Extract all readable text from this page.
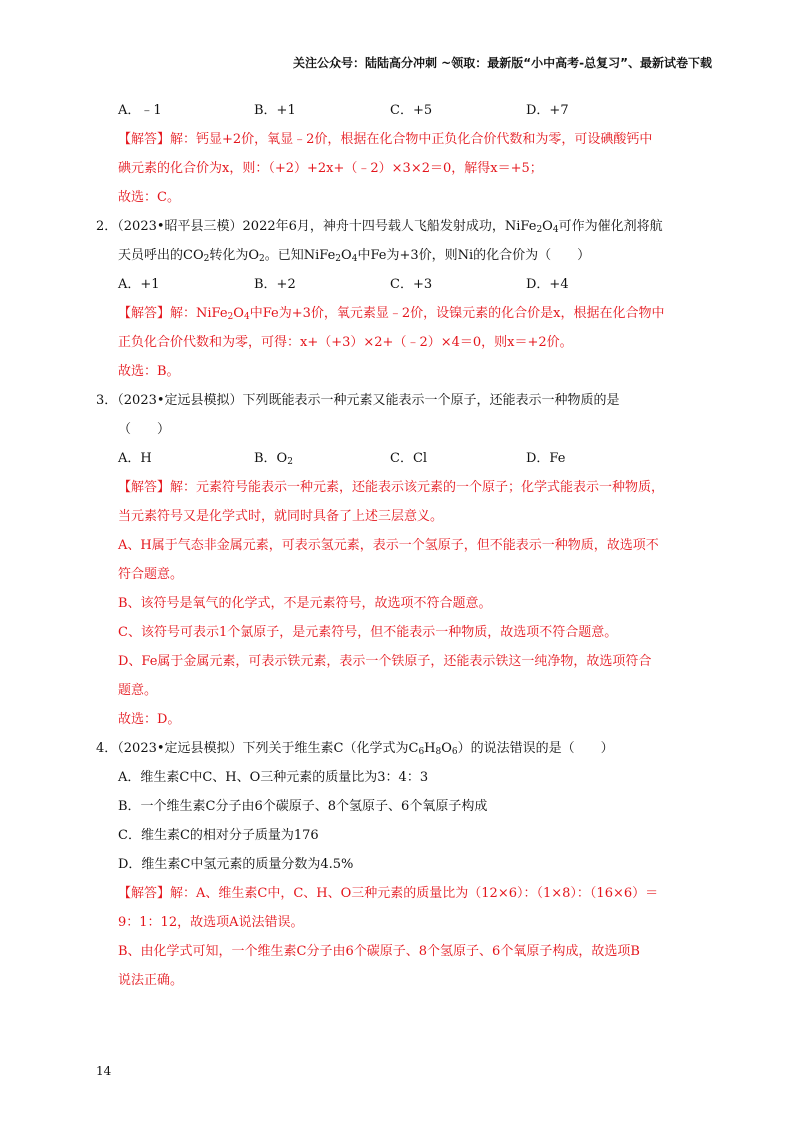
关注公众号：陆陆高分冲刺 ~领取：最新版“小中高考-总复习”、最新试卷下载
A．﹣1	B．+1	C．+5	D．+7
【解答】解：钙显+2价，氧显﹣2价，根据在化合物中正负化合价代数和为零，可设碘酸钙中
碘元素的化合价为x，则：（+2）+2x+（﹣2）×3×2＝0，解得x＝+5；
故选：C。
2．（2023•昭平县三模）2022年6月，神舟十四号载人飞船发射成功，$NiFe_2O_4$可作为催化剂将航
天员呼出的$CO_2$转化为$O_2$。已知$NiFe_2O_4$中Fe为+3价，则Ni的化合价为（　　）
A．+1	B．+2	C．+3	D．+4
【解答】解：$NiFe_2O_4$中Fe为+3价，氧元素显﹣2价，设镍元素的化合价是x，根据在化合物中
正负化合价代数和为零，可得：x+（+3）×2+（﹣2）×4＝0，则x＝+2价。
故选：B。
3．（2023•定远县模拟）下列既能表示一种元素又能表示一个原子，还能表示一种物质的是
（　　）
A．H	B．$O_2$	C．Cl	D．Fe
【解答】解：元素符号能表示一种元素，还能表示该元素的一个原子；化学式能表示一种物质，
当元素符号又是化学式时，就同时具备了上述三层意义。
A、H属于气态非金属元素，可表示氢元素，表示一个氢原子，但不能表示一种物质，故选项不
符合题意。
B、该符号是氧气的化学式，不是元素符号，故选项不符合题意。
C、该符号可表示1个氯原子，是元素符号，但不能表示一种物质，故选项不符合题意。
D、Fe属于金属元素，可表示铁元素，表示一个铁原子，还能表示铁这一纯净物，故选项符合
题意。
故选：D。
4．（2023•定远县模拟）下列关于维生素C（化学式为$C_6H_8O_6$）的说法错误的是（　　）
A．维生素C中C、H、O三种元素的质量比为3：4：3
B．一个维生素C分子由6个碳原子、8个氢原子、6个氧原子构成
C．维生素C的相对分子质量为176
D．维生素C中氢元素的质量分数为4.5%
【解答】解：A、维生素C中，C、H、O三种元素的质量比为（12×6）：（1×8）：（16×6）＝
9：1：12，故选项A说法错误。
B、由化学式可知，一个维生素C分子由6个碳原子、8个氢原子、6个氧原子构成，故选项B
说法正确。
14
